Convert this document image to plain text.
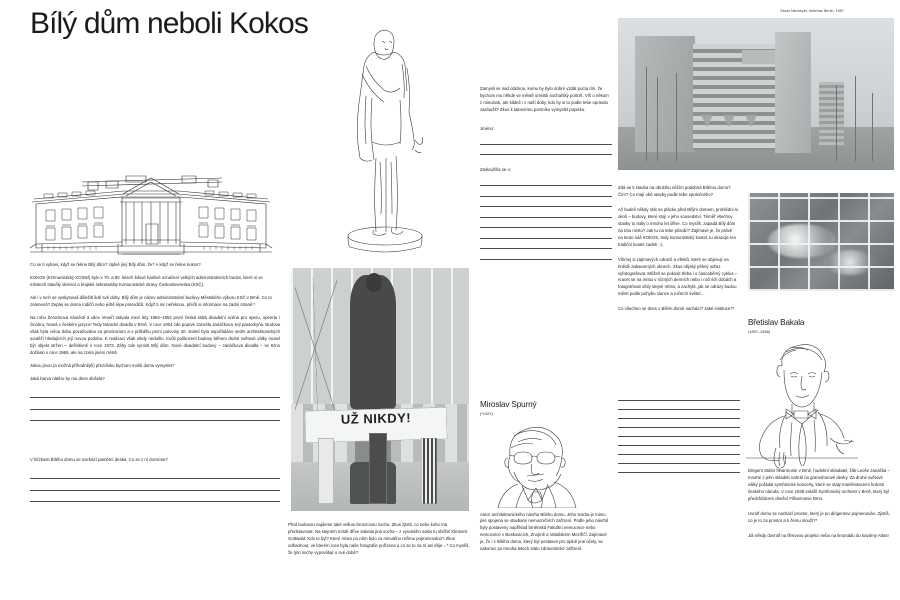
Bílý dům neboli Kokos

Co se ti vybaví, když se řekne Bílý dům? Úplně jiný Bílý dům, že? A když se řekne kokos?

KOKOS (KOmunistický KOStel) bylo v 70. a 80. letech lidové hanlivé označení velkých administrativních budov, které si ve městech stavěly okresní a krajské sekretariáty Komunistické strany Československa (KSČ).

Ale i v nich se vyskytovali důležití lidé své doby. Bílý dům je název administrativní budovy Městského výboru KSČ v Brně. Co to znamená? Zeptej se doma rodičů nebo ještě lépe prarodičů. Když ti nic neřeknou, přečti si informace na zadní straně.*

Na rohu Žerotínova náměstí a ulice Veveří stávala mezi lety 1884–1952 první česká stálá divadelní scéna pro operu, operetu i činohru, hraná v českém jazyce! Tedy Národní divadlo v Brně. V roce 1904 zde poprvé zazněla Janáčkova Její pastorkyňa. Budova však byla celou dobu považována za provizorium a v průběhu první poloviny 20. století bylo uspořádáno sedm architektonických soutěží hledajících její novou podobu. K realizaci však nikdy nedošlo. Kvůli poškození budovy během druhé světové války musel být objekt stržen – definitivně v roce 1973. Záhy zde vyrostl Bílý dům. Nové divadelní budovy – Janáčkova divadla – se Brno dočkalo v roce 1965, ale na zcela jiném místě.

Jakou jinou (a možná příhodnější) přezdívku bychom mohli domu vymyslet?

Jaká barva nátěru by mu dnes slušela?

V blízkosti Bílého domu se nachází pamětní deska. Co se z ní dozvíme?

UŽ NIKDY!

Před budovou najdeme také velkou bronzovou sochu. Zkus zjistit, co nebo koho má představovat. Na stejném místě dříve stávala jiná socha – z vysokého soklu tu shlížel Klement Gottwald. Kdo to byl? Které místo po něm bylo za minulého režimu pojmenováno? Zkus odhadnout, ve kterém roce byla naše fotografie pořízena a co se to na ní asi děje…* Co myslíš, že tyto sochy vypovídají o své době?

Zamysli se nad otázkou, komu by bylo dobré vzdát poctu tím, že bychom mu někde ve městě umístili sochařský portrét. Víš o někom z minulosti, ale klidně i z naší doby, kdo by si to podle tebe opravdu zasloužil? Zkus k takovému pomníku vymyslet popisku.

Jméno:

Zasloužil/a se o:

Miroslav Spurný
(*1921)

Autor architektonického návrhu Bílého domu. Jeho tvorba je mimo jiné spojena se stavbami nemocničních zařízení. Podle jeho návrhů byly postaveny například brněnská Fakultní nemocnice nebo nemocnice v Boskovicích, Znojmě a Valašském Meziříčí. Zajímavé je, že i z Bílého domu, který byl postaven pro úplně jiné účely, se nakonec po mnoha letech stalo zdravotnické zařízení.

Oscar Niemeyer, Interbau Berlin, 1957

Zdá se ti stavba na obrázku něčím podobná Bílému domu? Čím? Co mají obě stavby podle tebe společného?

Až budeš někdy stát na plácku před Bílým domem, prohlédni si okolí – budovy, které stojí v jeho sousedství. Téměř všechny stavby tu stály o mnoho let dříve. Co myslíš, zapadá Bílý dům na toto místo? Jak tu na tebe působí? Zajímavé je, že právě na tento náš KOKOS, tedy komunistický kostel, tu ukazuje ten tradiční kostel zadek ;-).

Všímej si zajímavých odrazů a efektů, které se objevují na hnědě zabarvených oknech. Zkus nějaký pěkný odraz vyfotografovat. Můžeš se pokusit třeba i o časosběrný cyklus – vracet se na místo v různých denních nebo i ročních dobách a fotografovat vždy stejné místo, a zachytit, jak se odrazy budou měnit podle pohybu slunce a ročních světel…

Co všechno se dnes v Bílém domě nachází? Jaké instituce?*

Břetislav Bakala
(1897–1958)

Dirigent Státní filharmonie v Brně, hudební skladatel, žák Leoše Janáčka – mnohé z jeho skladeb nahrál na gramofonové desky. Za druhé světové války pořádal symfonické koncerty, které se staly manifestacemi hrdosti českého národa. V roce 1938 založil Symfonický orchestr v Brně, který byl předchůdcem dnešní Filharmonie Brno.

Uvnitř domu se nachází prostor, který je po dirigentovi pojmenován. Zjistíš, co je to za prostor a k čemu slouží?*

Jdi někdy dovnitř na filmovou projekci nebo na limonádu do kavárny Atlas!
